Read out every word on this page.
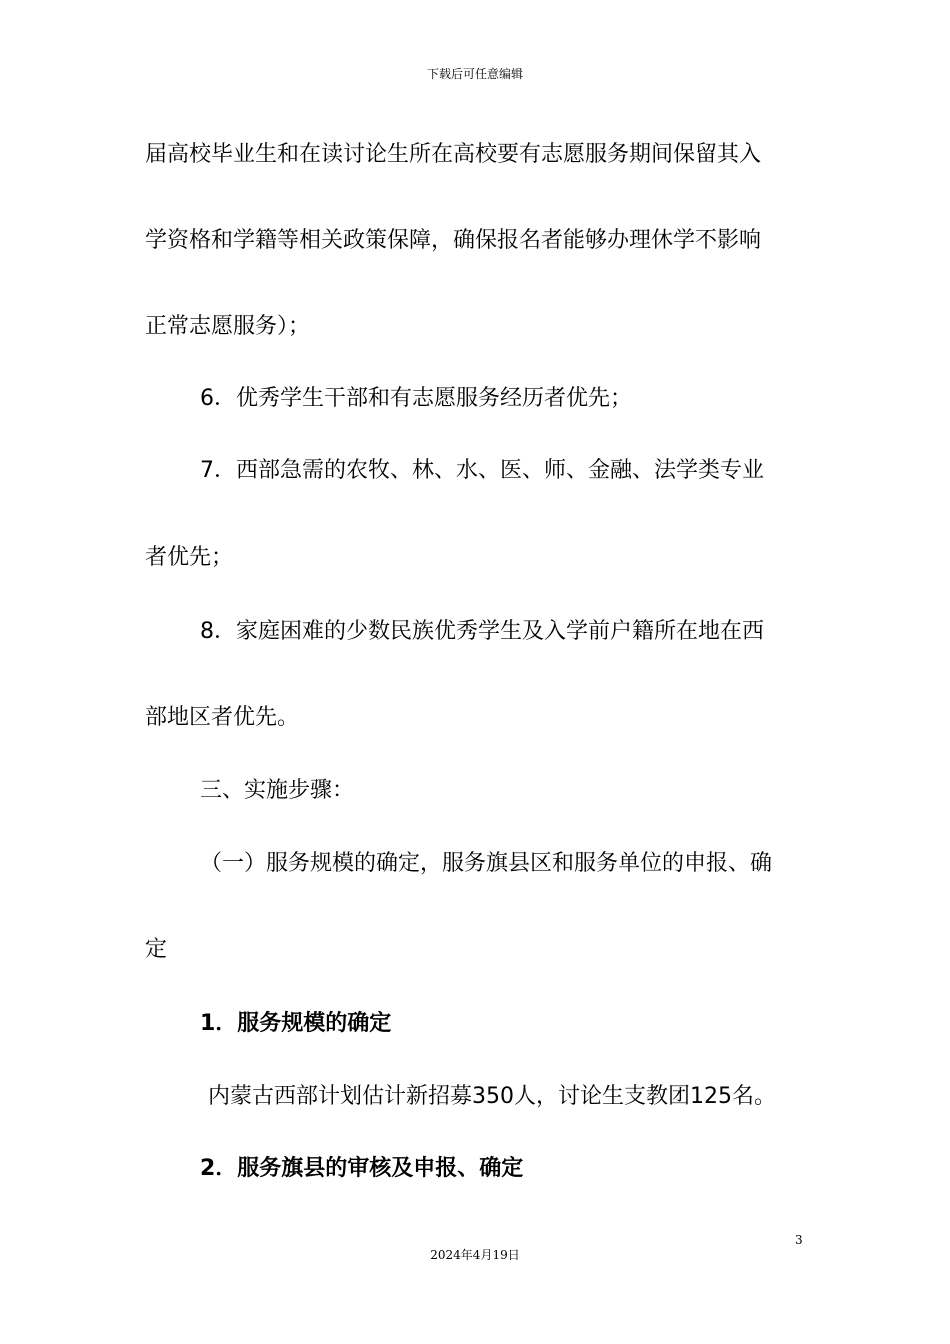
下载后可任意编辑
届高校毕业生和在读讨论生所在高校要有志愿服务期间保留其入
学资格和学籍等相关政策保障，确保报名者能够办理休学不影响
正常志愿服务）；
6．优秀学生干部和有志愿服务经历者优先；
7．西部急需的农牧、林、水、医、师、金融、法学类专业
者优先；
8．家庭困难的少数民族优秀学生及入学前户籍所在地在西
部地区者优先。
三、实施步骤：
（一）服务规模的确定，服务旗县区和服务单位的申报、确
定
1．服务规模的确定
内蒙古西部计划估计新招募350人，讨论生支教团125名。
2．服务旗县的审核及申报、确定
3
2024年4月19日
